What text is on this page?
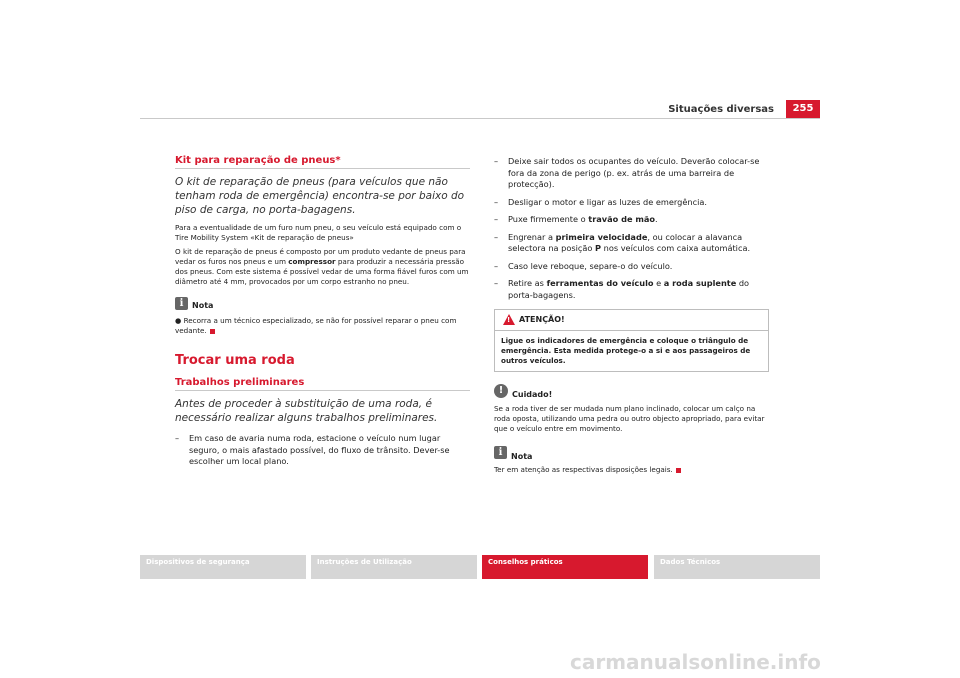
Situações diversas	255
Kit para reparação de pneus*
O kit de reparação de pneus (para veículos que não tenham roda de emergência) encontra-se por baixo do piso de carga, no porta-bagagens.

Para a eventualidade de um furo num pneu, o seu veículo está equipado com o Tire Mobility System «Kit de reparação de pneus»

O kit de reparação de pneus é composto por um produto vedante de pneus para vedar os furos nos pneus e um compressor para produzir a necessária pressão dos pneus. Com este sistema é possível vedar de uma forma fiável furos com um diâmetro até 4 mm, provocados por um corpo estranho no pneu.

i	Nota

● Recorra a um técnico especializado, se não for possível reparar o pneu com vedante.

Trocar uma roda
Trabalhos preliminares
Antes de proceder à substituição de uma roda, é necessário realizar alguns trabalhos preliminares.
– Em caso de avaria numa roda, estacione o veículo num lugar seguro, o mais afastado possível, do fluxo de trânsito. Dever-se escolher um local plano.
– Deixe sair todos os ocupantes do veículo. Deverão colocar-se fora da zona de perigo (p. ex. atrás de uma barreira de protecção).
– Desligar o motor e ligar as luzes de emergência.
– Puxe firmemente o travão de mão.
– Engrenar a primeira velocidade, ou colocar a alavanca selectora na posição P nos veículos com caixa automática.
– Caso leve reboque, separe-o do veículo.
– Retire as ferramentas do veículo e a roda suplente do porta-bagagens.
! ATENÇÃO!
Ligue os indicadores de emergência e coloque o triângulo de emergência. Esta medida protege-o a si e aos passageiros de outros veículos.
!	Cuidado!

Se a roda tiver de ser mudada num plano inclinado, colocar um calço na roda oposta, utilizando uma pedra ou outro objecto apropriado, para evitar que o veículo entre em movimento.

i	Nota

Ter em atenção as respectivas disposições legais.

Dispositivos de segurança	Instruções de Utilização	Conselhos práticos	Dados Técnicos
carmanualsonline.info
